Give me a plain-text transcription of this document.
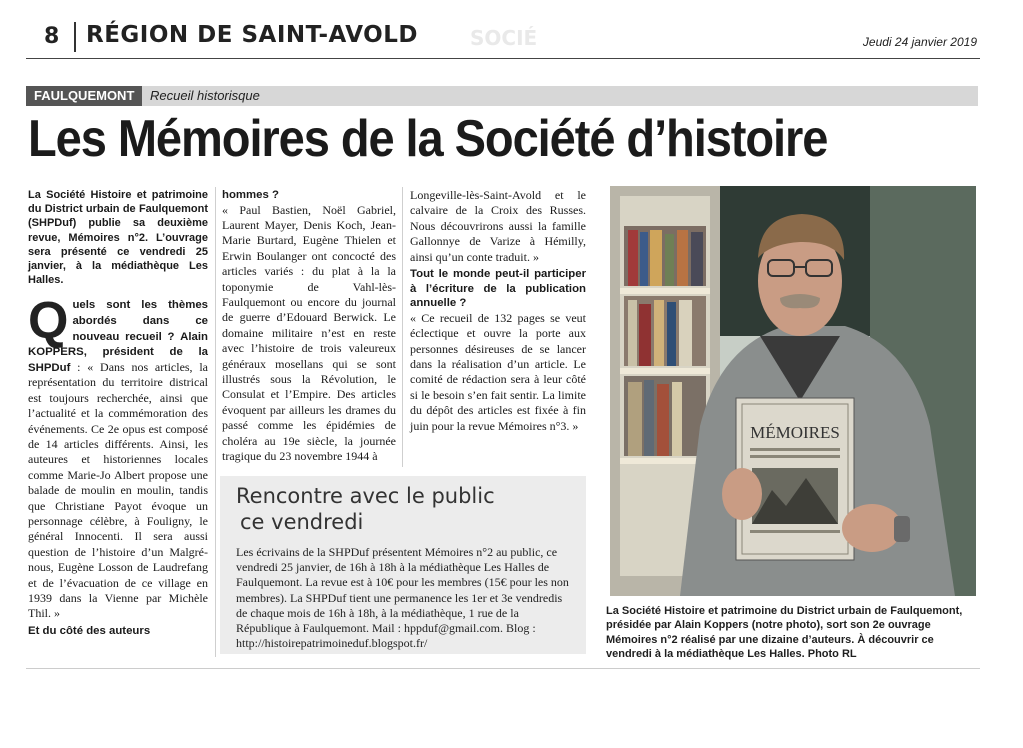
8 RÉGION DE SAINT-AVOLD	SOCIÉ	Jeudi 24 janvier 2019
FAULQUEMONT	Recueil historisque
Les Mémoires de la Société d’histoire

La Société Histoire et patrimoine du District urbain de Faulquemont (SHPDuf) publie sa deuxième revue, Mémoires n°2. L’ouvrage sera présenté ce vendredi 25 janvier, à la médiathèque Les Halles.

Q uels sont les thèmes abordés dans ce nouveau recueil ? Alain KOPPERS, président de la SHPDuf : « Dans nos articles, la représentation du territoire districal est toujours recherchée, ainsi que l’actualité et la commémoration des événements. Ce 2e opus est composé de 14 articles différents. Ainsi, les auteures et historiennes locales comme Marie-Jo Albert propose une balade de moulin en moulin, tandis que Christiane Payot évoque un personnage célèbre, à Fouligny, le général Innocenti. Il sera aussi question de l’histoire d’un Malgré-nous, Eugène Losson de Laudrefang et de l’évacuation de ce village en 1939 dans la Vienne par Michèle Thil. »

Et du côté des auteurs

hommes ?

« Paul Bastien, Noël Gabriel, Laurent Mayer, Denis Koch, Jean-Marie Burtard, Eugène Thielen et Erwin Boulanger ont concocté des articles variés : du plat à la la toponymie de Vahl-lès-Faulquemont ou encore du journal de guerre d’Edouard Berwick. Le domaine militaire n’est en reste avec l’histoire de trois valeureux généraux mosellans qui se sont illustrés sous la Révolution, le Consulat et l’Empire. Des articles évoquent par ailleurs les drames du passé comme les épidémies de choléra au 19e siècle, la journée tragique du 23 novembre 1944 à

Longeville-lès-Saint-Avold et le calvaire de la Croix des Russes. Nous découvrirons aussi la famille Gallonnye de Varize à Hémilly, ainsi qu’un conte traduit. »

Tout le monde peut-il participer à l’écriture de la publication annuelle ?

« Ce recueil de 132 pages se veut éclectique et ouvre la porte aux personnes désireuses de se lancer dans la réalisation d’un article. Le comité de rédaction sera à leur côté si le besoin s’en fait sentir. La limite du dépôt des articles est fixée à fin juin pour la revue Mémoires n°3. »

Rencontre avec le public
ce vendredi
Les écrivains de la SHPDuf présentent Mémoires n°2 au public, ce vendredi 25 janvier, de 16h à 18h à la médiathèque Les Halles de Faulquemont. La revue est à 10€ pour les membres (15€ pour les non membres). La SHPDuf tient une permanence les 1er et 3e vendredis de chaque mois de 16h à 18h, à la médiathèque, 1 rue de la République à Faulquemont. Mail : hppduf@gmail.com. Blog : http://histoirepatrimoineduf.blogspot.fr/
MÉMOIRES
La Société Histoire et patrimoine du District urbain de Faulquemont, présidée par Alain Koppers (notre photo), sort son 2e ouvrage Mémoires n°2 réalisé par une dizaine d’auteurs. À découvrir ce vendredi à la médiathèque Les Halles. Photo RL
